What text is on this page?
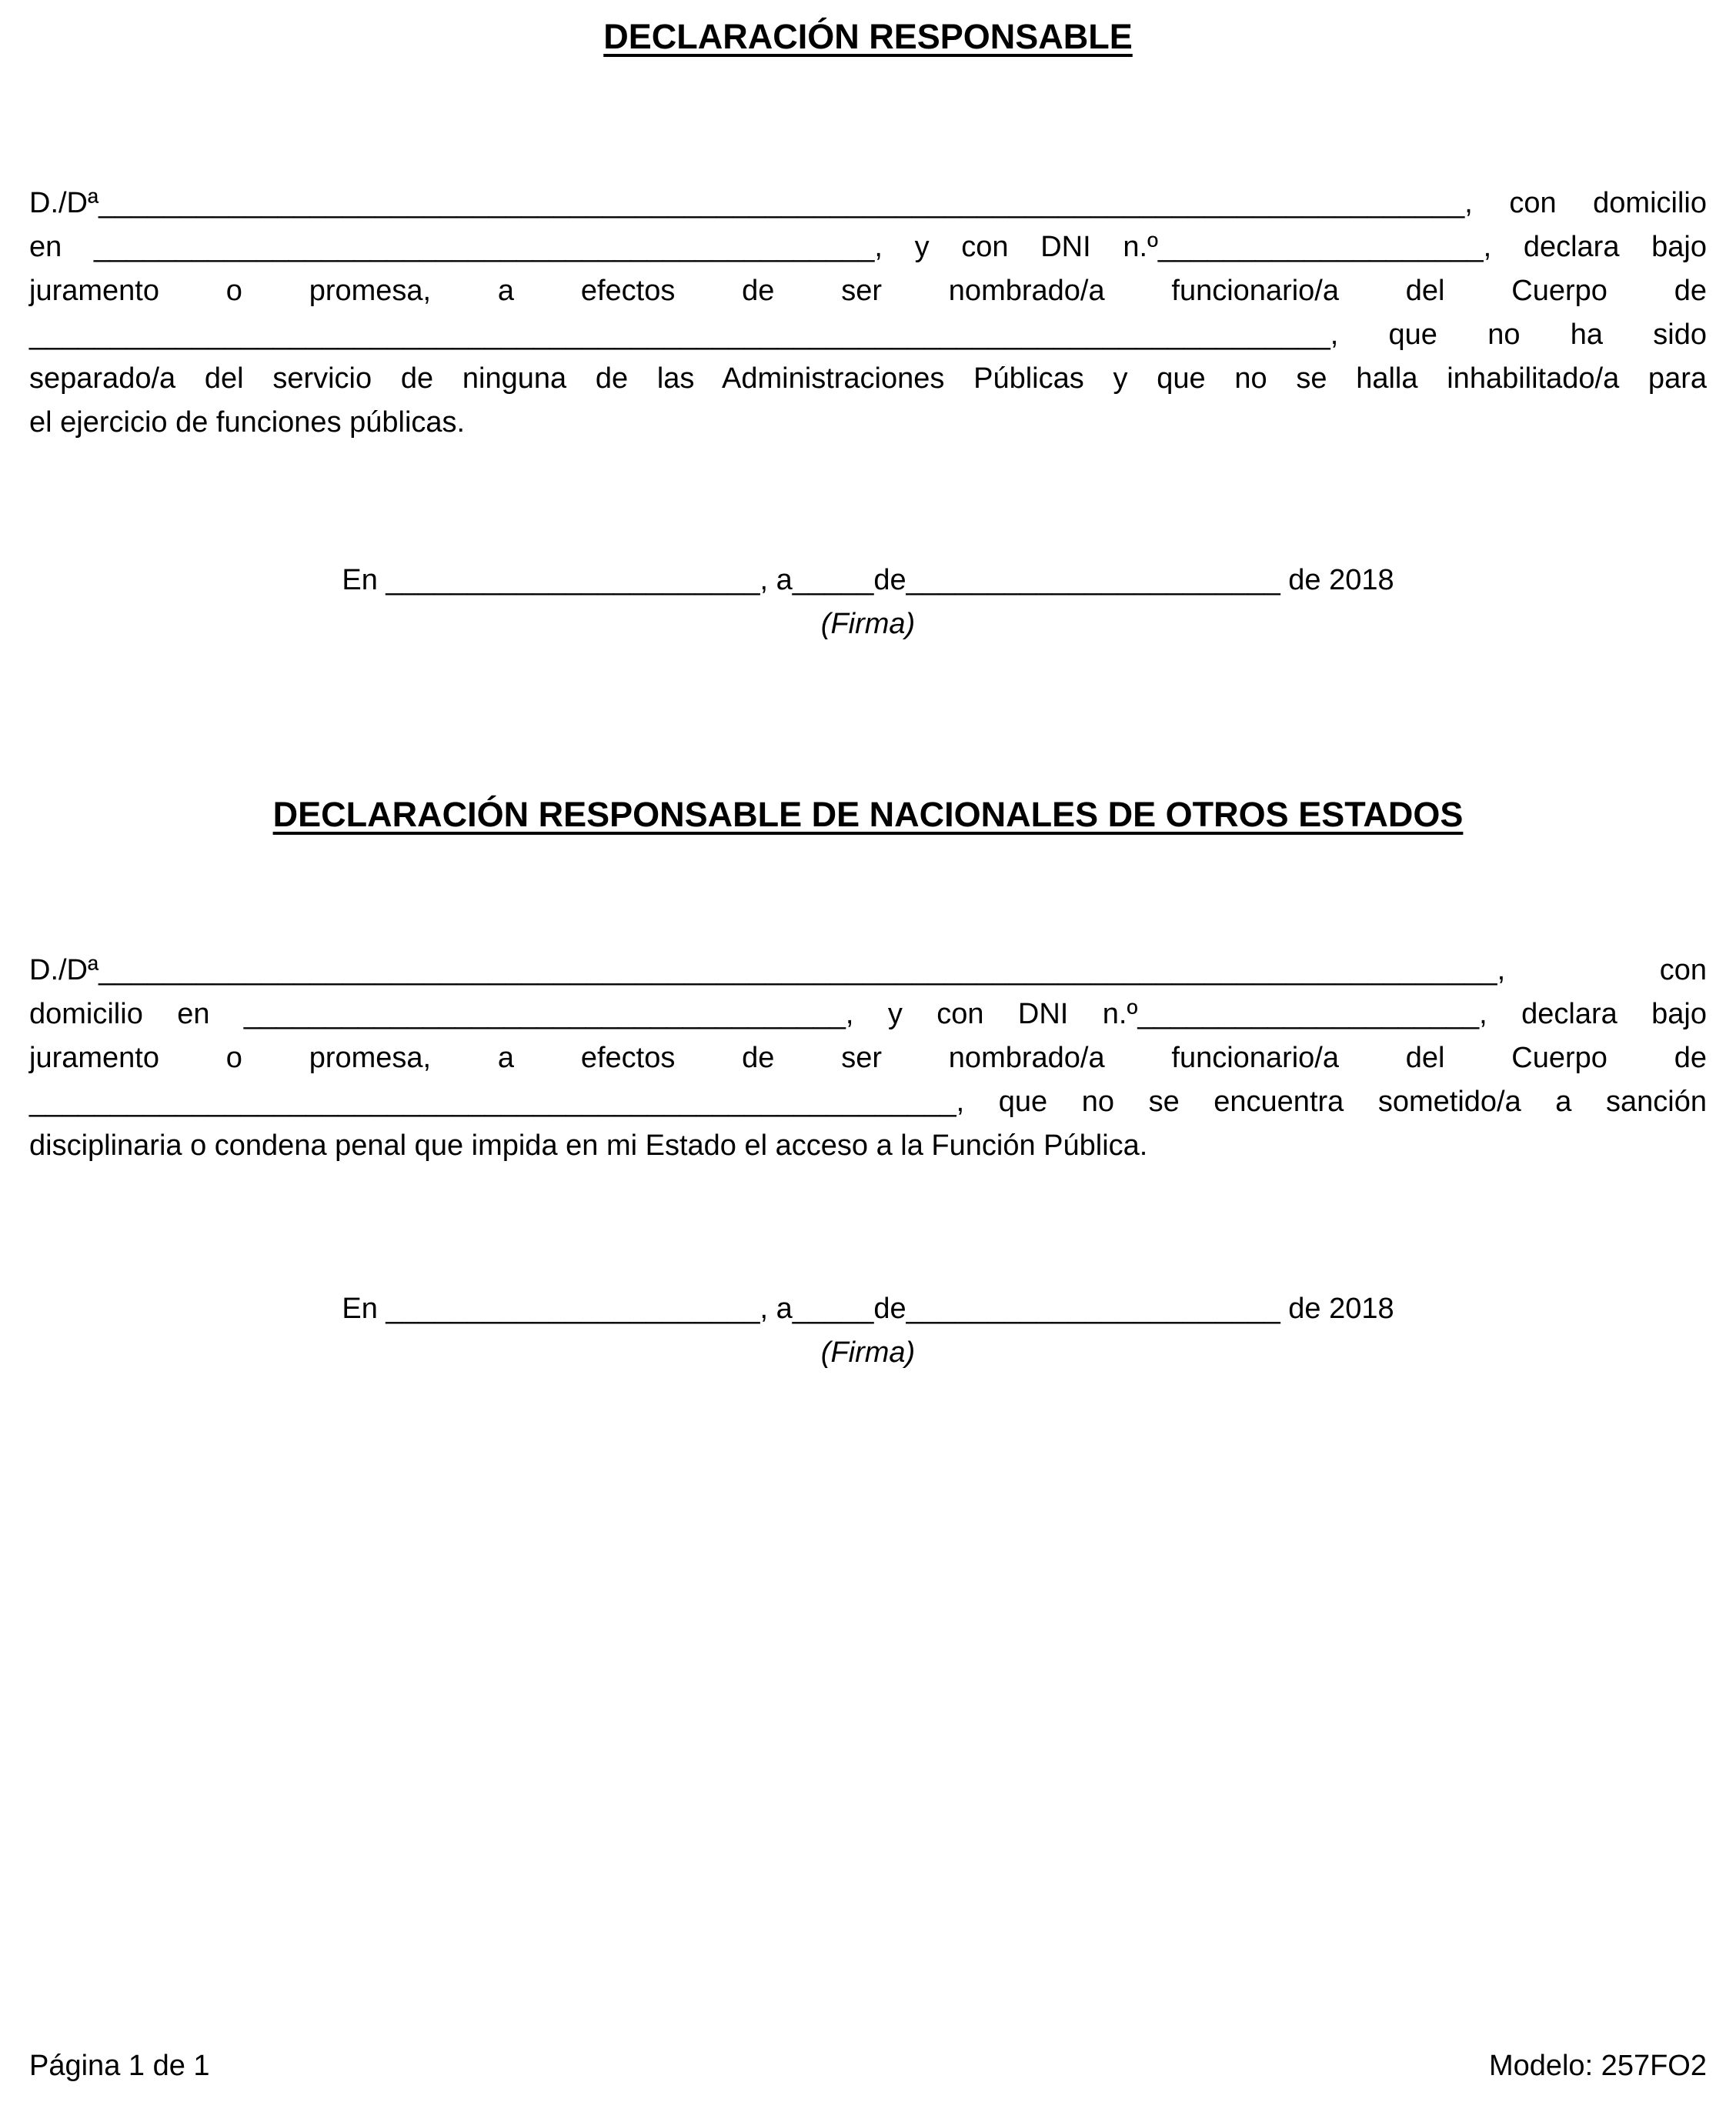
DECLARACIÓN RESPONSABLE
D./Dª____________________________________________________________________________________, con domicilio
en ________________________________________________, y con DNI n.º____________________, declara bajo
juramento o promesa, a efectos de ser nombrado/a funcionario/a del Cuerpo de
________________________________________________________________________________, que no ha sido
separado/a del servicio de ninguna de las Administraciones Públicas y que no se halla inhabilitado/a para
el ejercicio de funciones públicas.
En _______________________, a_____de_______________________ de 2018
(Firma)
DECLARACIÓN RESPONSABLE DE NACIONALES DE OTROS ESTADOS
D./Dª______________________________________________________________________________________, con
domicilio en _____________________________________, y con DNI n.º_____________________, declara bajo
juramento o promesa, a efectos de ser nombrado/a funcionario/a del Cuerpo de
_________________________________________________________, que no se encuentra sometido/a a sanción
disciplinaria o condena penal que impida en mi Estado el acceso a la Función Pública.
En _______________________, a_____de_______________________ de 2018
(Firma)
Página 1 de 1	Modelo: 257FO2
